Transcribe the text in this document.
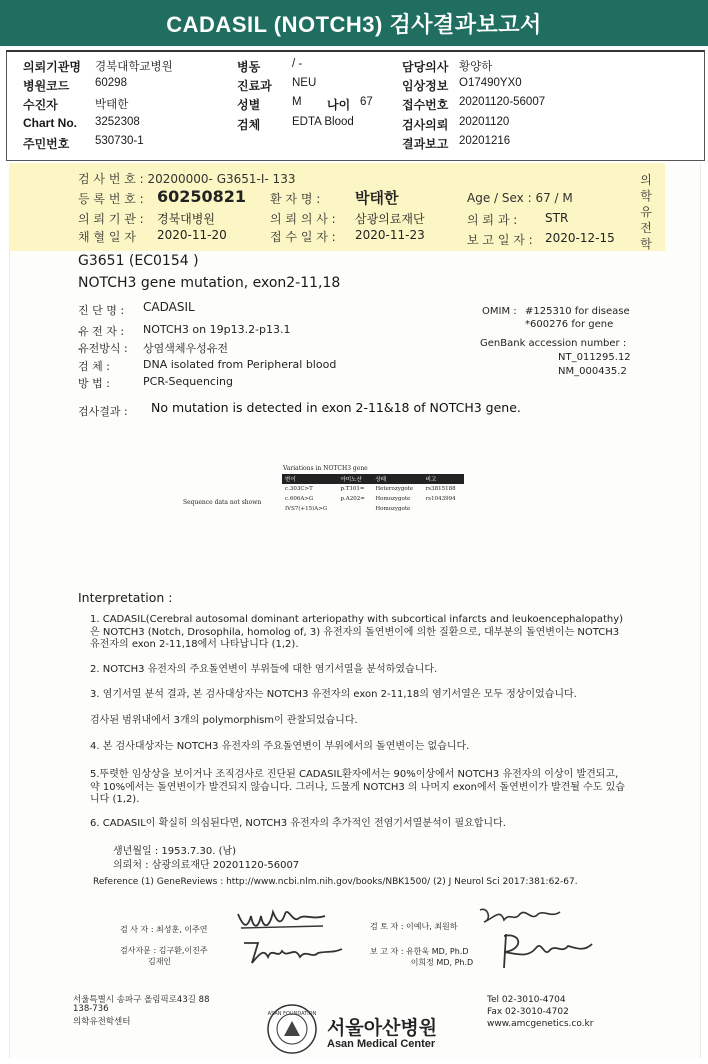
CADASIL (NOTCH3) 검사결과보고서
의뢰기관명 경북대학교병원
병원코드 60298
수진자	박태한
Chart No. 3252308
주민번호 530730-1
병동	/ -
진료과 NEU
성별	M 나이 67
검체	EDTA Blood
담당의사 황양하
임상정보 O17490YX0
접수번호 20201120-56007
검사의뢰 20201120
결과보고 20201216
검 사 번 호 : 20200000- G3651-I- 133
등 록 번 호 : 60250821 환 자 명 : 박태한	Age / Sex : 67 / M
의 뢰 기 관 : 경북대병원	의 뢰 의 사 : 삼광의료재단	의 뢰 과 : STR
채 혈 일 자 2020-11-20	접 수 일 자 : 2020-11-23	보 고 일 자 : 2020-12-15
의
학
유
전
학
G3651 (EC0154 )
NOTCH3 gene mutation, exon2-11,18
진 단 명 : CADASIL
유 전 자 : NOTCH3 on 19p13.2-p13.1
유전방식 : 상염색체우성유전
검 체 :	DNA isolated from Peripheral blood
방 법 :	PCR-Sequencing
OMIM : #125310 for disease
*600276 for gene
GenBank accession number :
NT_011295.12
NM_000435.2
검사결과 : No mutation is detected in exon 2-11&18 of NOTCH3 gene.
Variations in NOTCH3 gene
Sequence data not shown
변이	아미노산	상태	비고
c.303C>T	p.T101=	Heterozygote	rs3815188
c.606A>G	p.A202=	Homozygote	rs1043994
IVS7(+15)A>G		Homozygote	
Interpretation :
1. CADASIL(Cerebral autosomal dominant arteriopathy with subcortical infarcts and leukoencephalopathy)은 NOTCH3 (Notch, Drosophila, homolog of, 3) 유전자의 돌연변이에 의한 질환으로, 대부분의 돌연변이는 NOTCH3 유전자의 exon 2-11,18에서 나타납니다 (1,2).
2. NOTCH3 유전자의 주요돌연변이 부위들에 대한 염기서열을 분석하였습니다.
3. 염기서열 분석 결과, 본 검사대상자는 NOTCH3 유전자의 exon 2-11,18의 염기서열은 모두 정상이었습니다.
검사된 범위내에서 3개의 polymorphism이 관찰되었습니다.
4. 본 검사대상자는 NOTCH3 유전자의 주요돌연변이 부위에서의 돌연변이는 없습니다.
5.뚜렷한 임상상을 보이거나 조직검사로 진단된 CADASIL환자에서는 90%이상에서 NOTCH3 유전자의 이상이 발견되고, 약 10%에서는 돌연변이가 발견되지 않습니다. 그러나, 드물게 NOTCH3 의 나머지 exon에서 돌연변이가 발견될 수도 있습니다 (1,2).
6. CADASIL이 확실히 의심된다면, NOTCH3 유전자의 추가적인 전염기서열분석이 필요합니다.
생년월일 : 1953.7.30. (남)
의뢰처 : 삼광의료재단 20201120-56007
Reference (1) GeneReviews : http://www.ncbi.nlm.nih.gov/books/NBK1500/ (2) J Neurol Sci 2017:381:62-67.
검 사 자 : 최성훈, 이주연
검사자문 : 김구환,이진주
김재인
검 토 자 : 이예나, 최원하
보 고 자 : 유한욱 MD, Ph.D
이희정 MD, Ph.D
서울특별시 송파구 올림픽로43길 88
138-736
의학유전학센터
ASAN FOUNDATION
서울아산병원
Asan Medical Center
Tel 02-3010-4704
Fax 02-3010-4702
www.amcgenetics.co.kr
